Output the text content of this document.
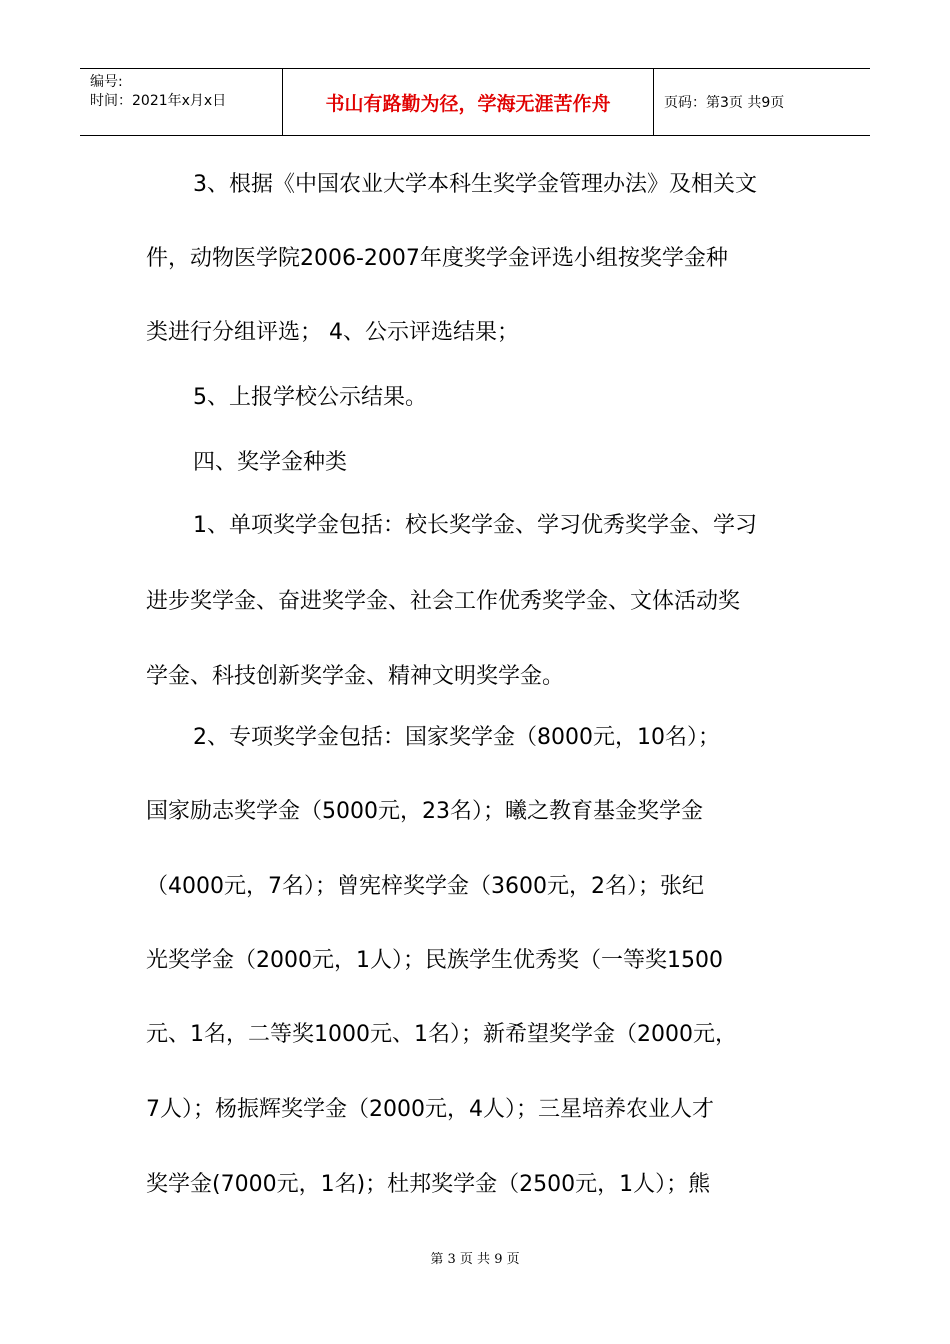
编号:
时间：2021年x月x日	书山有路勤为径，学海无涯苦作舟	页码：第3页 共9页
3、根据《中国农业大学本科生奖学金管理办法》及相关文
件，动物医学院2006-2007年度奖学金评选小组按奖学金种
类进行分组评选； 4、公示评选结果；
5、上报学校公示结果。
四、奖学金种类
1、单项奖学金包括：校长奖学金、学习优秀奖学金、学习
进步奖学金、奋进奖学金、社会工作优秀奖学金、文体活动奖
学金、科技创新奖学金、精神文明奖学金。
2、专项奖学金包括：国家奖学金（8000元，10名）；
国家励志奖学金（5000元，23名）；曦之教育基金奖学金
（4000元，7名）；曾宪梓奖学金（3600元，2名）；张纪
光奖学金（2000元，1人）；民族学生优秀奖（一等奖1500
元、1名，二等奖1000元、1名）；新希望奖学金（2000元，
7人）；杨振辉奖学金（2000元，4人）；三星培养农业人才
奖学金(7000元，1名)；杜邦奖学金（2500元，1人）；熊
第 3 页 共 9 页
